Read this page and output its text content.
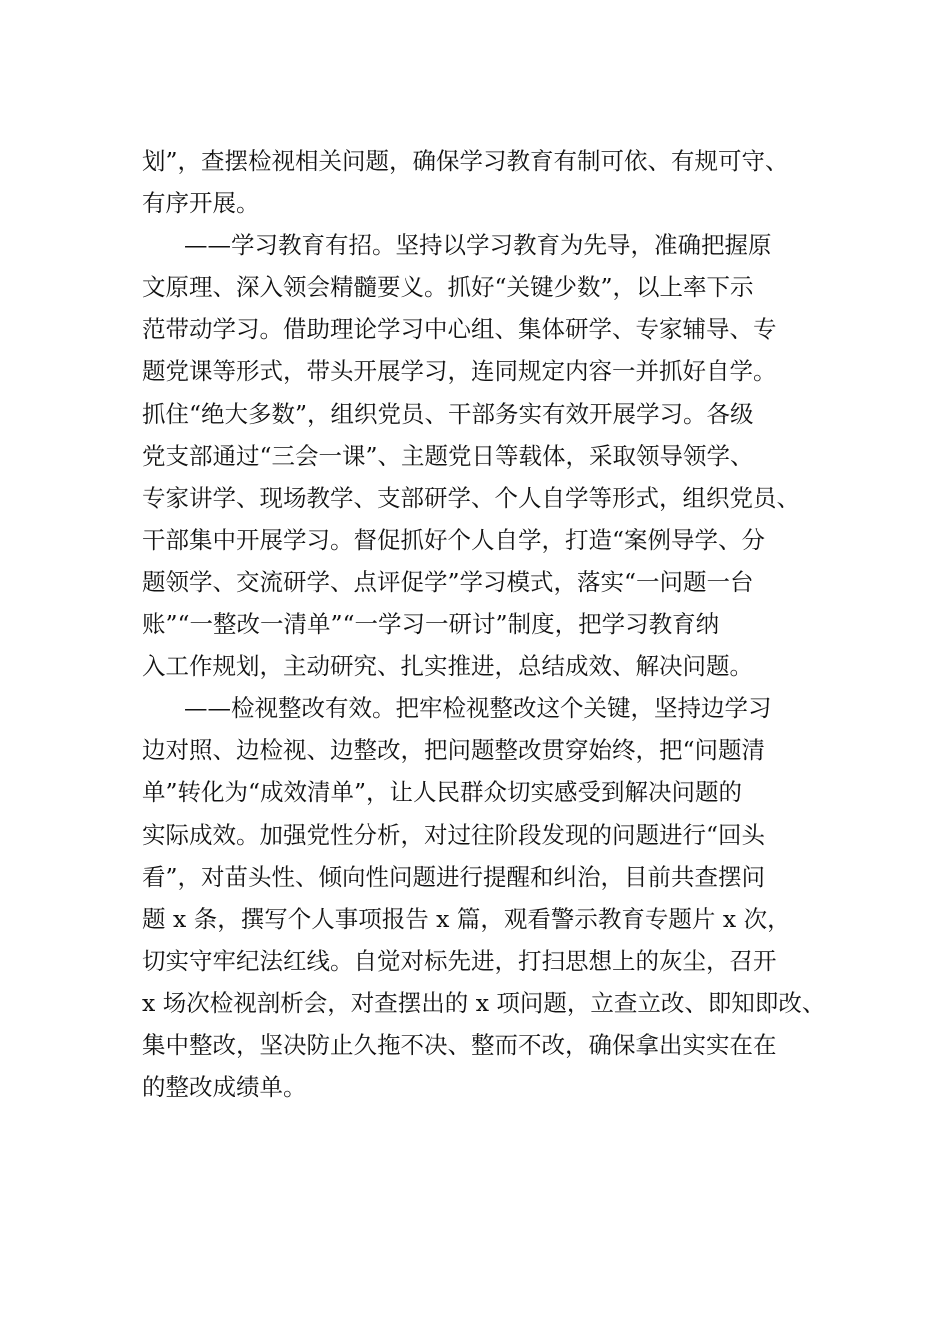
划”，查摆检视相关问题，确保学习教育有制可依、有规可守、
有序开展。
——学习教育有招。坚持以学习教育为先导，准确把握原
文原理、深入领会精髓要义。抓好“关键少数”，以上率下示
范带动学习。借助理论学习中心组、集体研学、专家辅导、专
题党课等形式，带头开展学习，连同规定内容一并抓好自学。
抓住“绝大多数”，组织党员、干部务实有效开展学习。各级
党支部通过“三会一课”、主题党日等载体，采取领导领学、
专家讲学、现场教学、支部研学、个人自学等形式，组织党员、
干部集中开展学习。督促抓好个人自学，打造“案例导学、分
题领学、交流研学、点评促学”学习模式，落实“一问题一台
账”“一整改一清单”“一学习一研讨”制度，把学习教育纳
入工作规划，主动研究、扎实推进，总结成效、解决问题。
——检视整改有效。把牢检视整改这个关键，坚持边学习
边对照、边检视、边整改，把问题整改贯穿始终，把“问题清
单”转化为“成效清单”，让人民群众切实感受到解决问题的
实际成效。加强党性分析，对过往阶段发现的问题进行“回头
看”，对苗头性、倾向性问题进行提醒和纠治，目前共查摆问
题 x 条，撰写个人事项报告 x 篇，观看警示教育专题片 x 次，
切实守牢纪法红线。自觉对标先进，打扫思想上的灰尘，召开
x 场次检视剖析会，对查摆出的 x 项问题，立查立改、即知即改、
集中整改，坚决防止久拖不决、整而不改，确保拿出实实在在
的整改成绩单。
